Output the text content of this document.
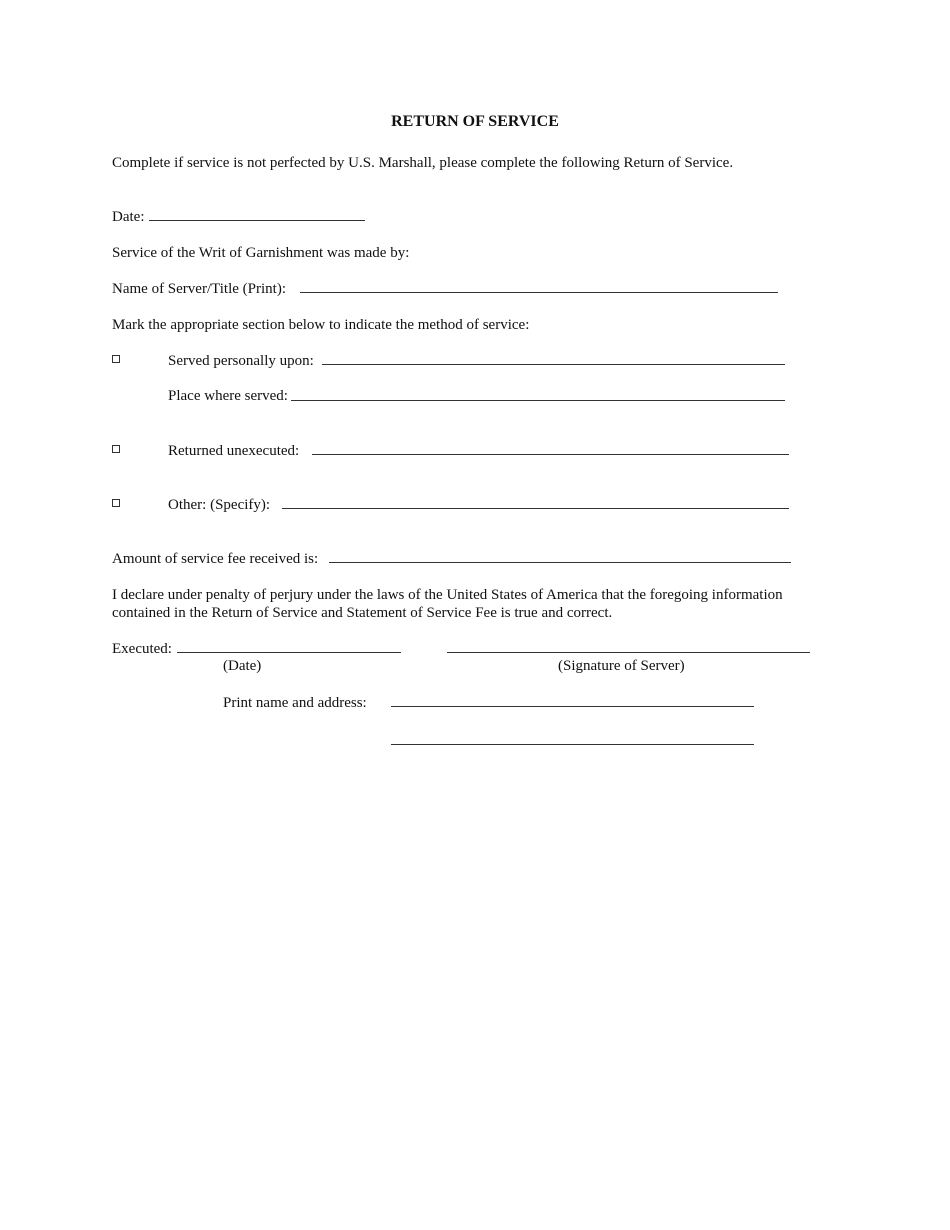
RETURN OF SERVICE
Complete if service is not perfected by U.S. Marshall, please complete the following Return of Service.
Date:
Service of the Writ of Garnishment was made by:
Name of Server/Title (Print):
Mark the appropriate section below to indicate the method of service:
Served personally upon:
Place where served:
Returned unexecuted:
Other: (Specify):
Amount of service fee received is:
I declare under penalty of perjury under the laws of the United States of America that the foregoing information
contained in the Return of Service and Statement of Service Fee is true and correct.
Executed:
(Date)	(Signature of Server)
Print name and address:
